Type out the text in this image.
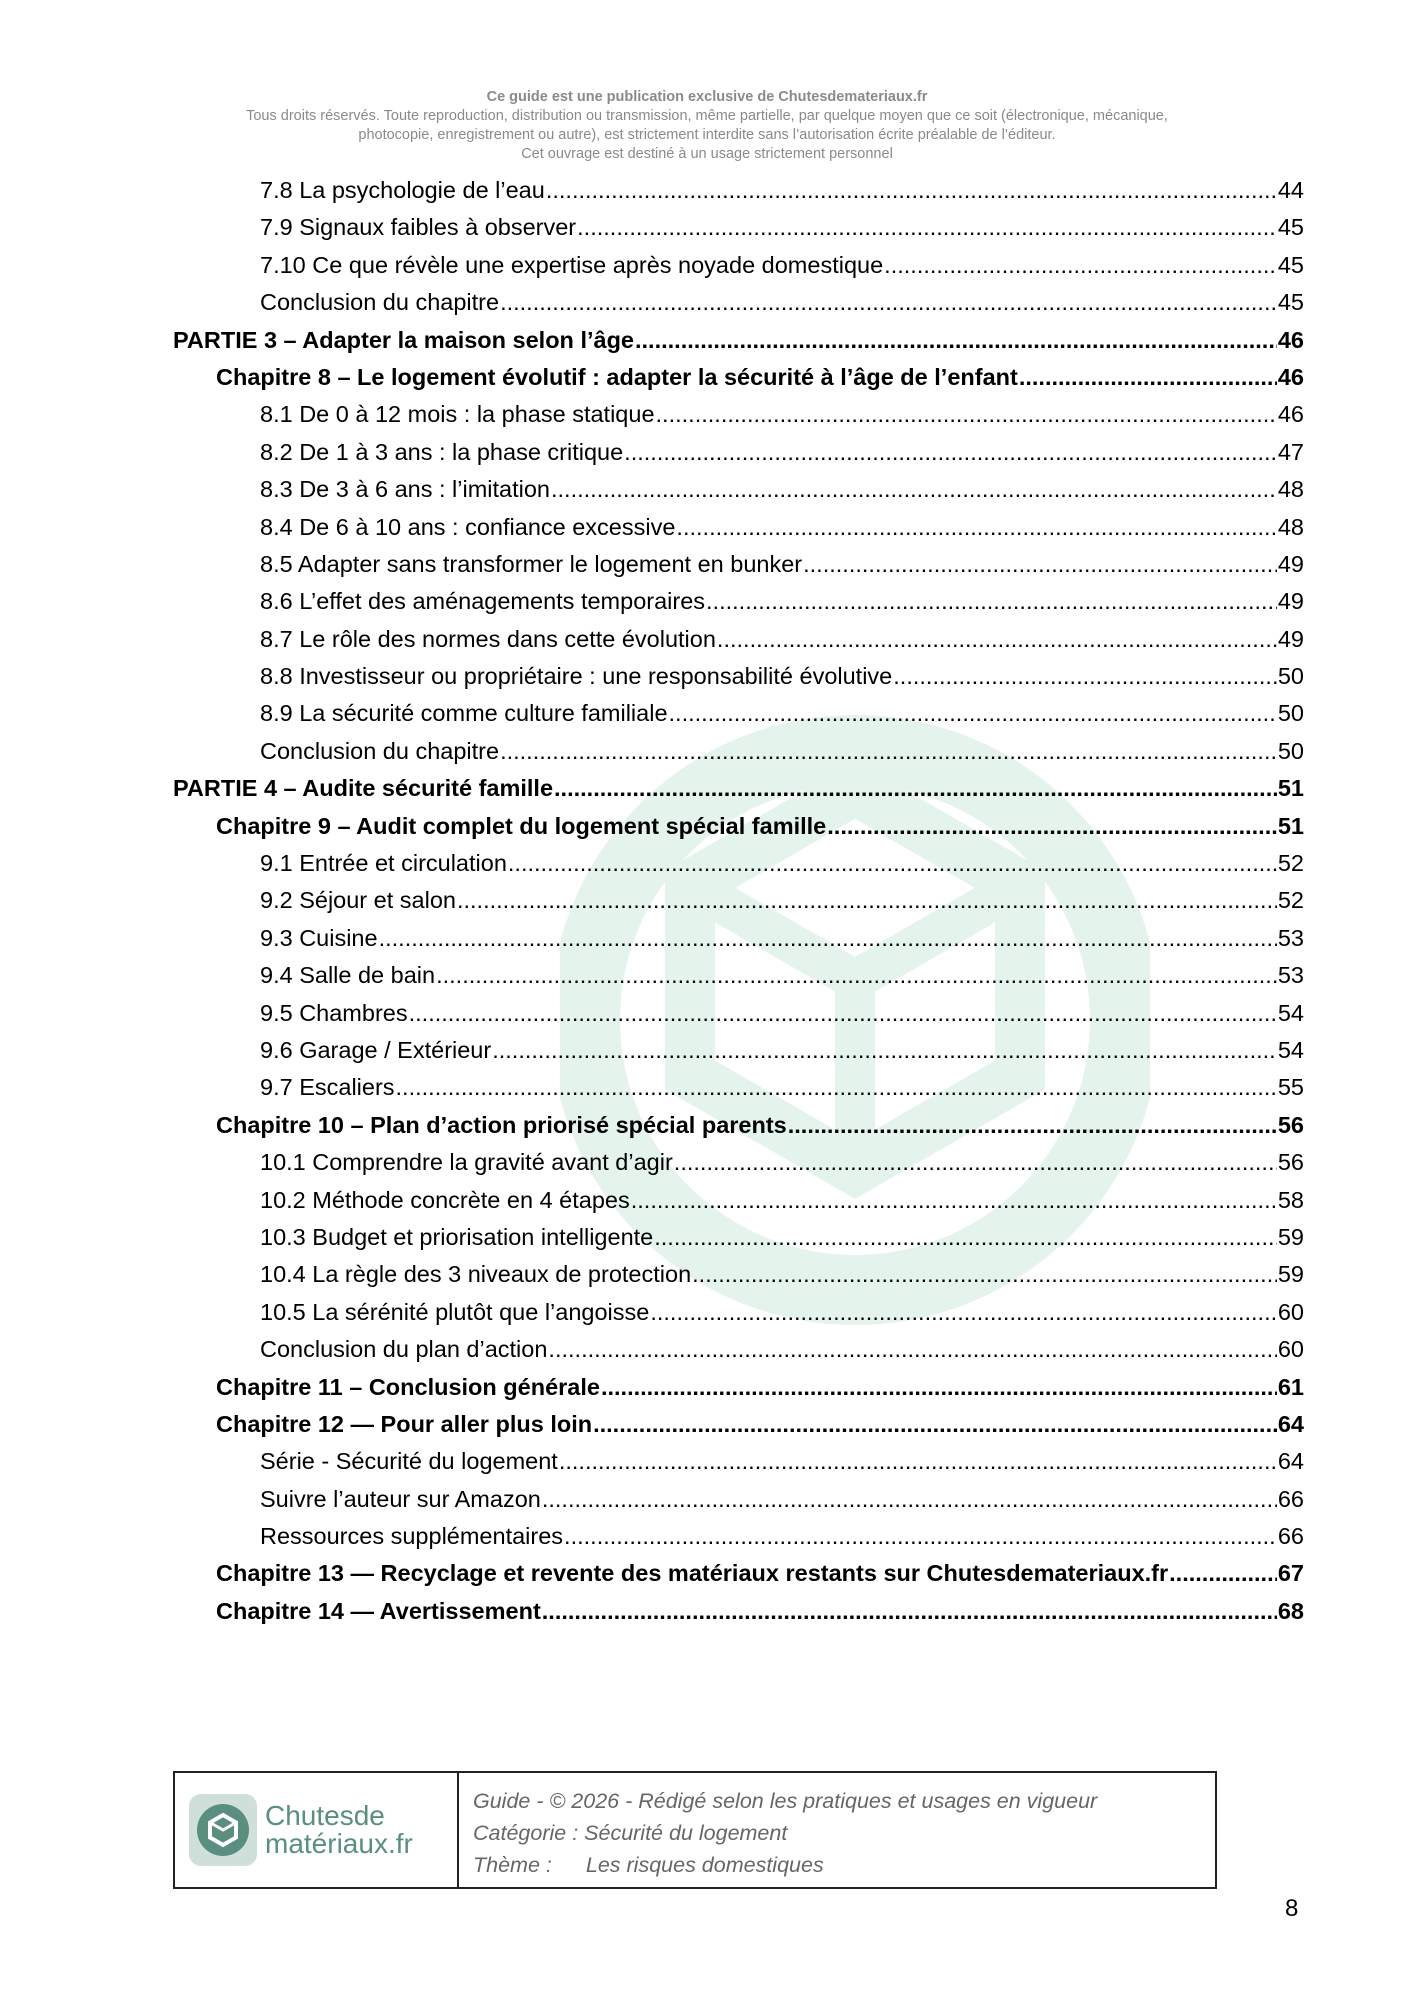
Ce guide est une publication exclusive de Chutesdemateriaux.fr
Tous droits réservés. Toute reproduction, distribution ou transmission, même partielle, par quelque moyen que ce soit (électronique, mécanique,
photocopie, enregistrement ou autre), est strictement interdite sans l’autorisation écrite préalable de l’éditeur.
Cet ouvrage est destiné à un usage strictement personnel
7.8 La psychologie de l’eau .....	44
7.9 Signaux faibles à observer .....	45
7.10 Ce que révèle une expertise après noyade domestique .....	45
Conclusion du chapitre .....	45
PARTIE 3 – Adapter la maison selon l’âge .....	46
Chapitre 8 – Le logement évolutif : adapter la sécurité à l’âge de l’enfant .....	46
8.1 De 0 à 12 mois : la phase statique .....	46
8.2 De 1 à 3 ans : la phase critique .....	47
8.3 De 3 à 6 ans : l’imitation .....	48
8.4 De 6 à 10 ans : confiance excessive .....	48
8.5 Adapter sans transformer le logement en bunker .....	49
8.6 L’effet des aménagements temporaires .....	49
8.7 Le rôle des normes dans cette évolution .....	49
8.8 Investisseur ou propriétaire : une responsabilité évolutive .....	50
8.9 La sécurité comme culture familiale .....	50
Conclusion du chapitre .....	50
PARTIE 4 – Audite sécurité famille .....	51
Chapitre 9 – Audit complet du logement spécial famille .....	51
9.1 Entrée et circulation .....	52
9.2 Séjour et salon .....	52
9.3 Cuisine .....	53
9.4 Salle de bain .....	53
9.5 Chambres .....	54
9.6 Garage / Extérieur .....	54
9.7 Escaliers .....	55
Chapitre 10 – Plan d’action priorisé spécial parents .....	56
10.1 Comprendre la gravité avant d’agir .....	56
10.2 Méthode concrète en 4 étapes .....	58
10.3 Budget et priorisation intelligente .....	59
10.4 La règle des 3 niveaux de protection .....	59
10.5 La sérénité plutôt que l’angoisse .....	60
Conclusion du plan d’action .....	60
Chapitre 11 – Conclusion générale .....	61
Chapitre 12 — Pour aller plus loin .....	64
Série - Sécurité du logement .....	64
Suivre l’auteur sur Amazon .....	66
Ressources supplémentaires .....	66
Chapitre 13 — Recyclage et revente des matériaux restants sur Chutesdemateriaux.fr .....	67
Chapitre 14 — Avertissement .....	68
Chutesde
matériaux.fr
Guide - © 2026 - Rédigé selon les pratiques et usages en vigueur
Catégorie : Sécurité du logement
Thème : Les risques domestiques
8
